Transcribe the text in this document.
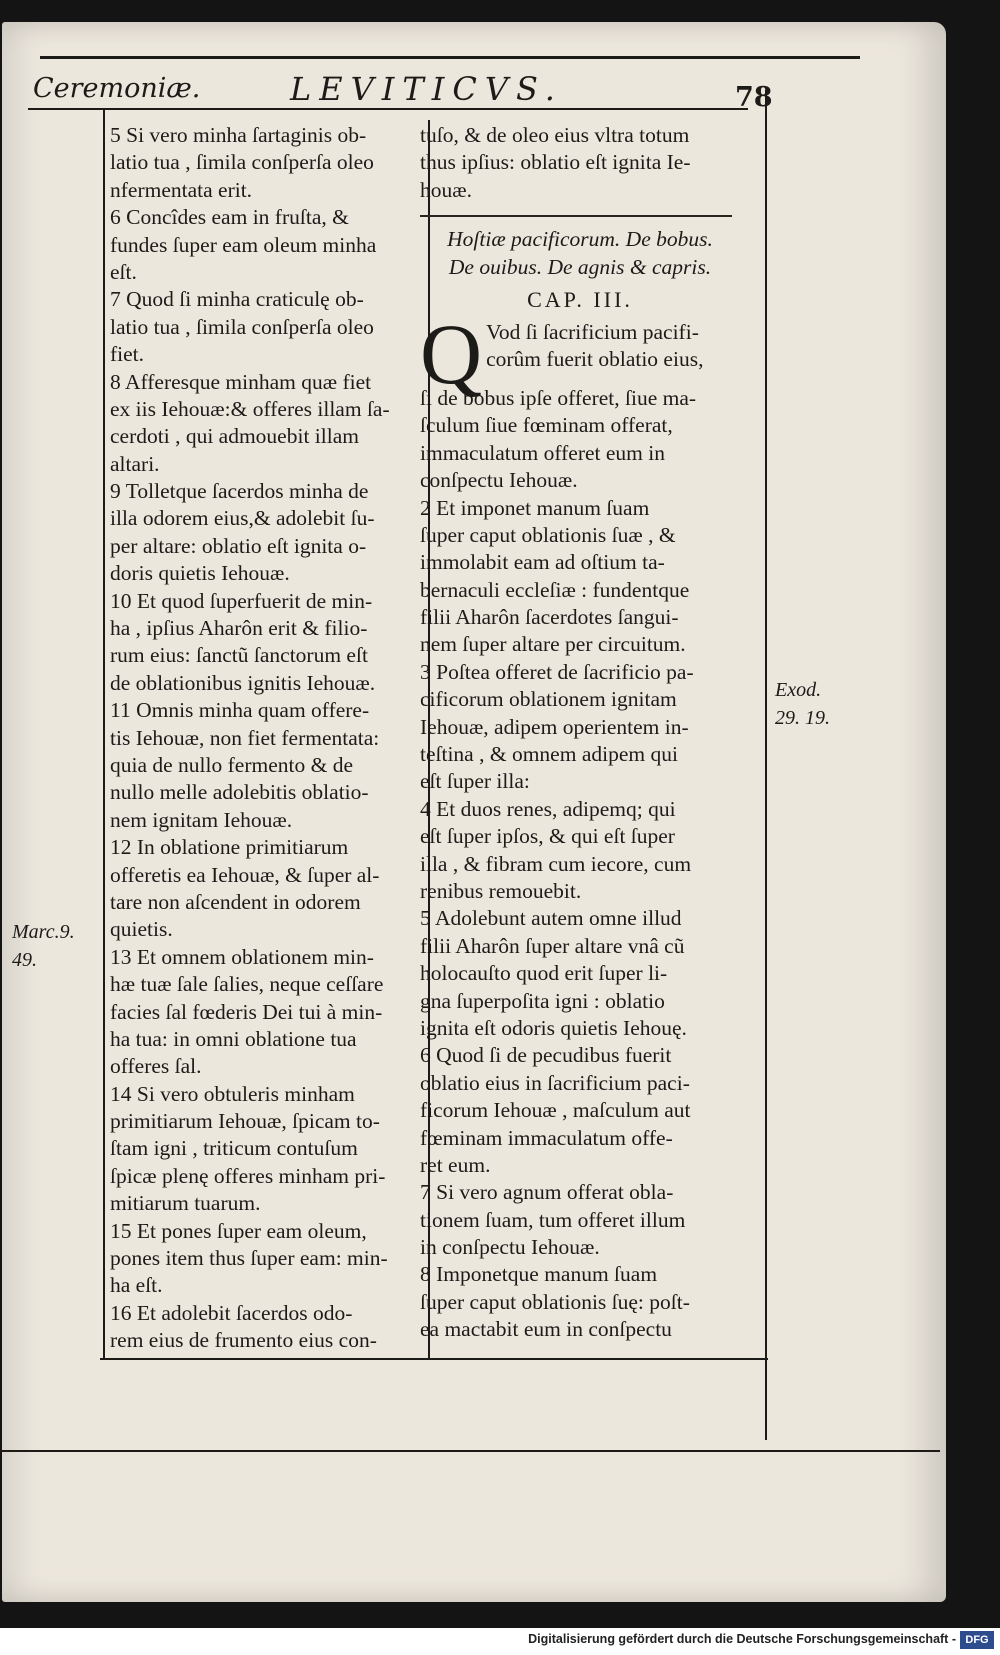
Ceremoniæ.	LEVITICVS.	78
5 Si vero minha ſartaginis ob-
latio tua , ſimila conſperſa oleo
nfermentata erit.
6 Concîdes eam in fruſta, &
fundes ſuper eam oleum minha
eſt.
7 Quod ſi minha craticulę ob-
latio tua , ſimila conſperſa oleo
fiet.
8 Afferesque minham quæ fiet
ex iis Iehouæ:& offeres illam ſa-
cerdoti , qui admouebit illam
altari.
9 Tolletque ſacerdos minha de
illa odorem eius,& adolebit ſu-
per altare: oblatio eſt ignita o-
doris quietis Iehouæ.
10 Et quod ſuperfuerit de min-
ha , ipſius Aharôn erit & filio-
rum eius: ſanctũ ſanctorum eſt
de oblationibus ignitis Iehouæ.
11 Omnis minha quam offere-
tis Iehouæ, non fiet fermentata:
quia de nullo fermento & de
nullo melle adolebitis oblatio-
nem ignitam Iehouæ.
12 In oblatione primitiarum
offeretis ea Iehouæ, & ſuper al-
tare non aſcendent in odorem
quietis.
13 Et omnem oblationem min-
hæ tuæ ſale ſalies, neque ceſſare
facies ſal fœderis Dei tui à min-
ha tua: in omni oblatione tua
offeres ſal.
14 Si vero obtuleris minham
primitiarum Iehouæ, ſpicam to-
ſtam igni , triticum contuſum
ſpicæ plenę offeres minham pri-
mitiarum tuarum.
15 Et pones ſuper eam oleum,
pones item thus ſuper eam: min-
ha eſt.
16 Et adolebit ſacerdos odo-
rem eius de frumento eius con-
tuſo, & de oleo eius vltra totum
thus ipſius: oblatio eſt ignita Ie-
houæ.
Hoſtiæ pacificorum. De bobus.
De ouibus. De agnis & capris.
CAP. III.
Q Vod ſi ſacrificium pacifi-
corûm fuerit oblatio eius,
ſi de bobus ipſe offeret, ſiue ma-
ſculum ſiue fœminam offerat,
immaculatum offeret eum in
conſpectu Iehouæ.
2 Et imponet manum ſuam
ſuper caput oblationis ſuæ , &
immolabit eam ad oſtium ta-
bernaculi eccleſiæ : fundentque
filii Aharôn ſacerdotes ſangui-
nem ſuper altare per circuitum.
3 Poſtea offeret de ſacrificio pa-
cificorum oblationem ignitam
Iehouæ, adipem operientem in-
teſtina , & omnem adipem qui
eſt ſuper illa:
4 Et duos renes, adipemq; qui
eſt ſuper ipſos, & qui eſt ſuper
illa , & fibram cum iecore, cum
renibus remouebit.
5 Adolebunt autem omne illud
filii Aharôn ſuper altare vnâ cũ
holocauſto quod erit ſuper li-
gna ſuperpoſita igni : oblatio
ignita eſt odoris quietis Iehouę.
6 Quod ſi de pecudibus fuerit
oblatio eius in ſacrificium paci-
ficorum Iehouæ , maſculum aut
fœminam immaculatum offe-
ret eum.
7 Si vero agnum offerat obla-
tionem ſuam, tum offeret illum
in conſpectu Iehouæ.
8 Imponetque manum ſuam
ſuper caput oblationis ſuę: poſt-
ea mactabit eum in conſpectu
Exod.
29. 19.
Marc.9.
49.
Digitalisierung gefördert durch die Deutsche Forschungsgemeinschaft - DFG
